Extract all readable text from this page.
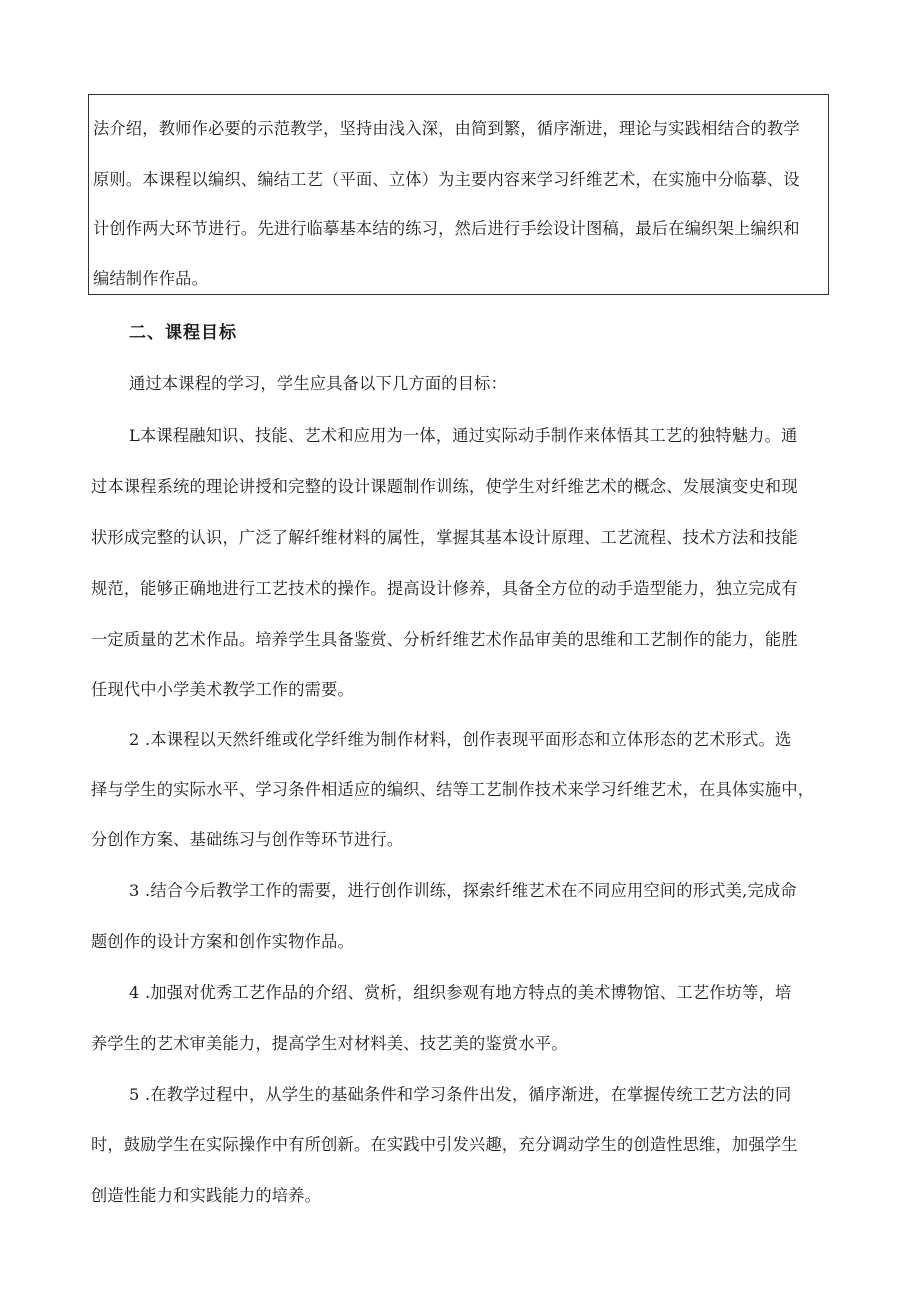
法介绍，教师作必要的示范教学，坚持由浅入深，由简到繁，循序渐进，理论与实践相结合的教学
原则。本课程以编织、编结工艺（平面、立体）为主要内容来学习纤维艺术，在实施中分临摹、设
计创作两大环节进行。先进行临摹基本结的练习，然后进行手绘设计图稿，最后在编织架上编织和
编结制作作品。
二、课程目标
通过本课程的学习，学生应具备以下几方面的目标：
L本课程融知识、技能、艺术和应用为一体，通过实际动手制作来体悟其工艺的独特魅力。通
过本课程系统的理论讲授和完整的设计课题制作训练，使学生对纤维艺术的概念、发展演变史和现
状形成完整的认识，广泛了解纤维材料的属性，掌握其基本设计原理、工艺流程、技术方法和技能
规范，能够正确地进行工艺技术的操作。提高设计修养，具备全方位的动手造型能力，独立完成有
一定质量的艺术作品。培养学生具备鉴赏、分析纤维艺术作品审美的思维和工艺制作的能力，能胜
任现代中小学美术教学工作的需要。
2 .本课程以天然纤维或化学纤维为制作材料，创作表现平面形态和立体形态的艺术形式。选
择与学生的实际水平、学习条件相适应的编织、结等工艺制作技术来学习纤维艺术，在具体实施中，
分创作方案、基础练习与创作等环节进行。
3 .结合今后教学工作的需要，进行创作训练，探索纤维艺术在不同应用空间的形式美,完成命
题创作的设计方案和创作实物作品。
4 .加强对优秀工艺作品的介绍、赏析，组织参观有地方特点的美术博物馆、工艺作坊等，培
养学生的艺术审美能力，提高学生对材料美、技艺美的鉴赏水平。
5 .在教学过程中，从学生的基础条件和学习条件出发，循序渐进，在掌握传统工艺方法的同
时，鼓励学生在实际操作中有所创新。在实践中引发兴趣，充分调动学生的创造性思维，加强学生
创造性能力和实践能力的培养。
